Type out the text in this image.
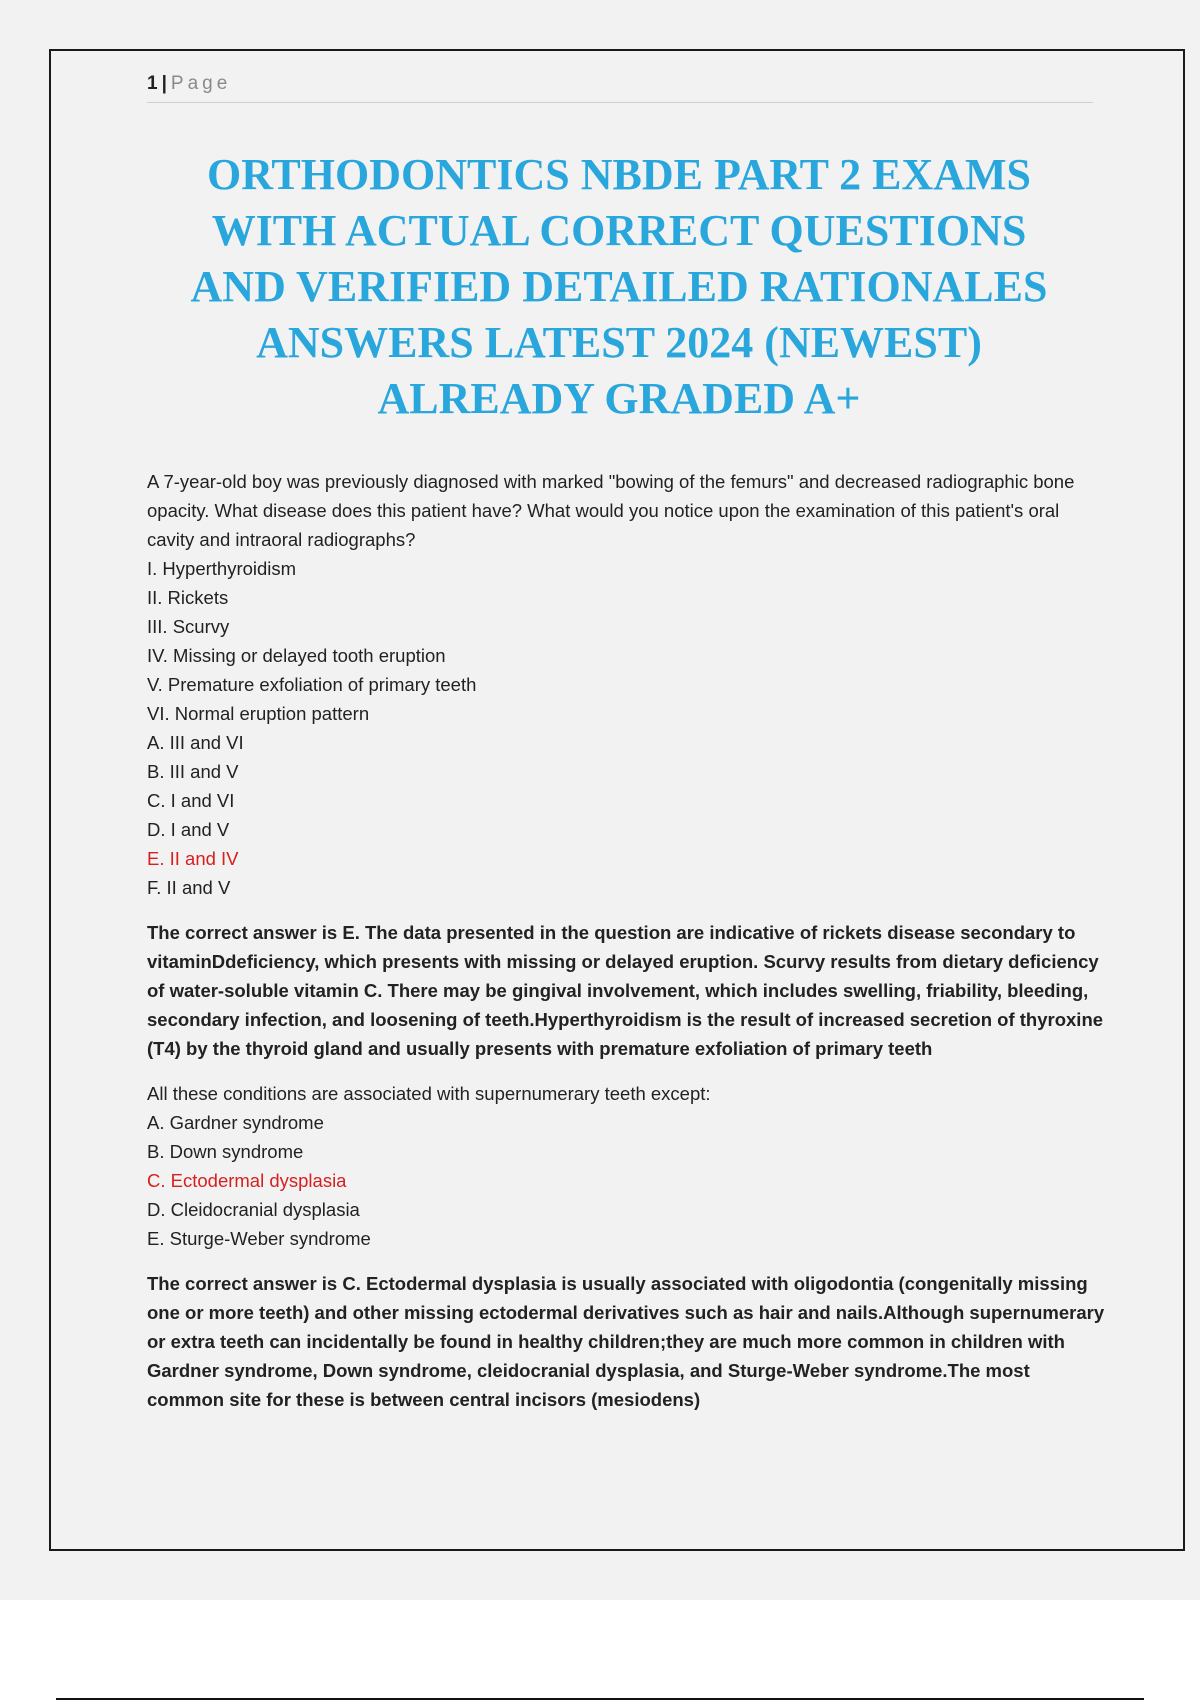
1 | Page
ORTHODONTICS NBDE PART 2 EXAMS
WITH ACTUAL CORRECT QUESTIONS
AND VERIFIED DETAILED RATIONALES
ANSWERS LATEST 2024 (NEWEST)
ALREADY GRADED A+

A 7-year-old boy was previously diagnosed with marked "bowing of the femurs" and decreased radiographic bone opacity. What disease does this patient have? What would you notice upon the examination of this patient's oral cavity and intraoral radiographs?

I. Hyperthyroidism

II. Rickets

III. Scurvy

IV. Missing or delayed tooth eruption

V. Premature exfoliation of primary teeth

VI. Normal eruption pattern

A. III and VI

B. III and V

C. I and VI

D. I and V

E. II and IV

F. II and V

The correct answer is E. The data presented in the question are indicative of rickets disease secondary to vitaminDdeficiency, which presents with missing or delayed eruption. Scurvy results from dietary deficiency of water-soluble vitamin C. There may be gingival involvement, which includes swelling, friability, bleeding, secondary infection, and loosening of teeth.Hyperthyroidism is the result of increased secretion of thyroxine (T4) by the thyroid gland and usually presents with premature exfoliation of primary teeth

All these conditions are associated with supernumerary teeth except:

A. Gardner syndrome

B. Down syndrome

C. Ectodermal dysplasia

D. Cleidocranial dysplasia

E. Sturge-Weber syndrome

The correct answer is C. Ectodermal dysplasia is usually associated with oligodontia (congenitally missing one or more teeth) and other missing ectodermal derivatives such as hair and nails.Although supernumerary or extra teeth can incidentally be found in healthy children;they are much more common in children with Gardner syndrome, Down syndrome, cleidocranial dysplasia, and Sturge-Weber syndrome.The most common site for these is between central incisors (mesiodens)
